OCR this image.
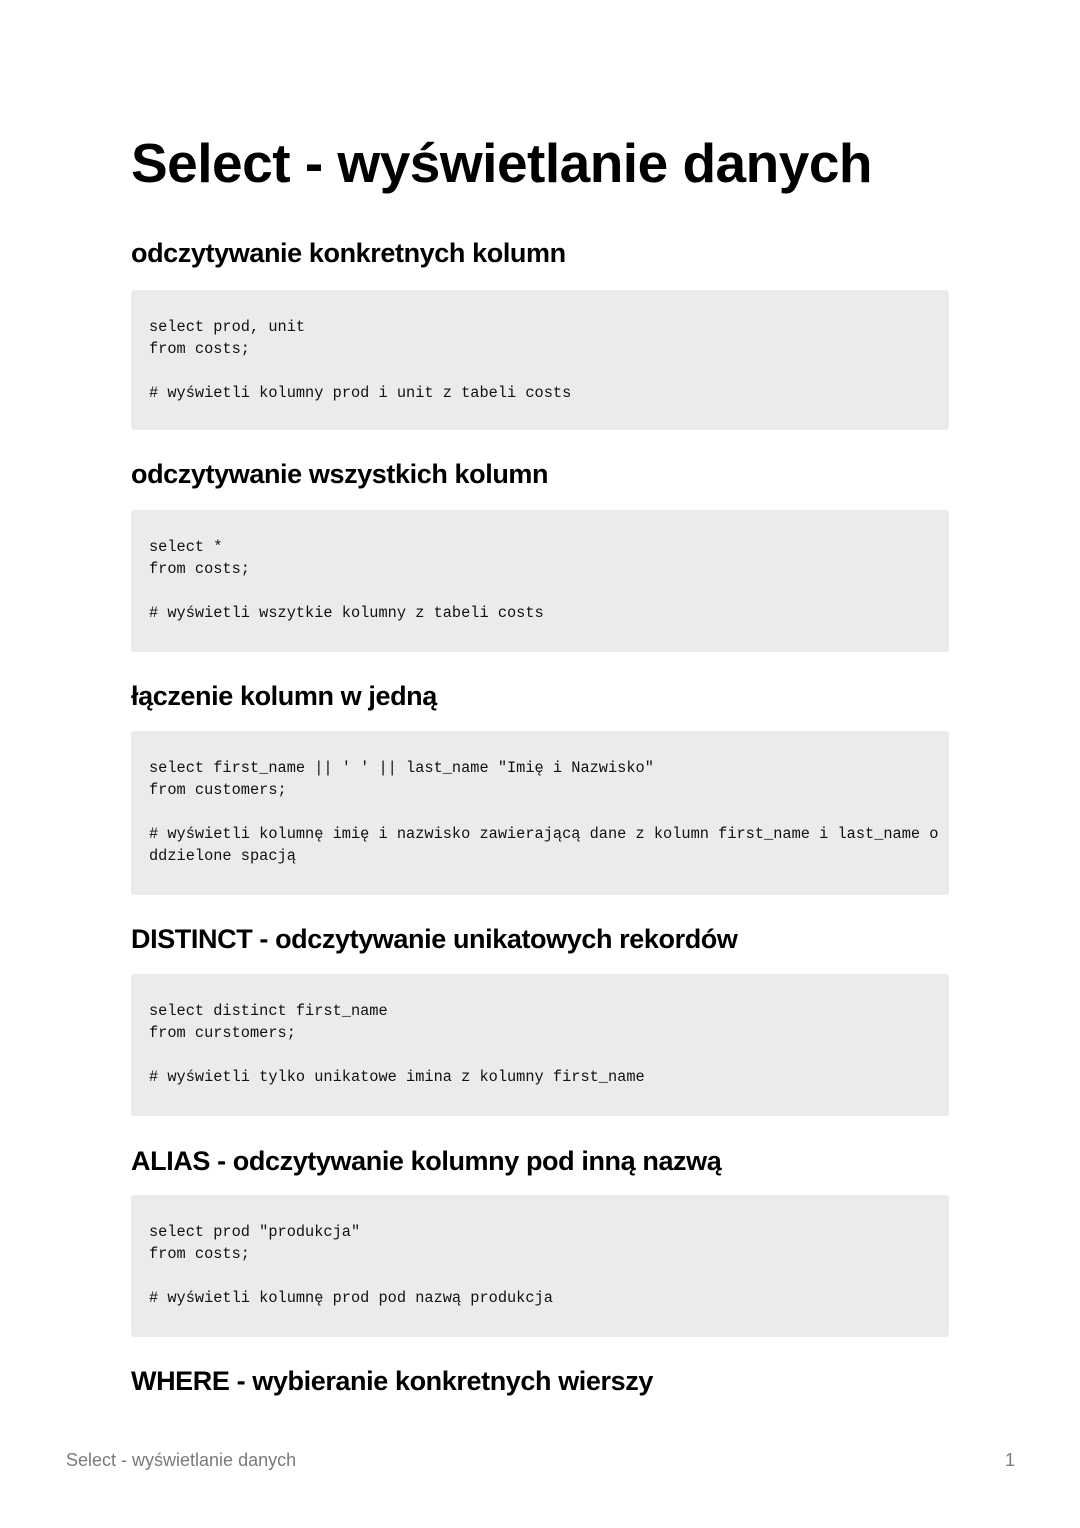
Select - wyświetlanie danych
odczytywanie konkretnych kolumn
select prod, unit
from costs;
# wyświetli kolumny prod i unit z tabeli costs
odczytywanie wszystkich kolumn
select *
from costs;
# wyświetli wszytkie kolumny z tabeli costs
łączenie kolumn w jedną
select first_name || ' ' || last_name "Imię i Nazwisko"
from customers;
# wyświetli kolumnę imię i nazwisko zawierającą dane z kolumn first_name i last_name o
ddzielone spacją
DISTINCT - odczytywanie unikatowych rekordów
select distinct first_name
from curstomers;
# wyświetli tylko unikatowe imina z kolumny first_name
ALIAS - odczytywanie kolumny pod inną nazwą
select prod "produkcja"
from costs;
# wyświetli kolumnę prod pod nazwą produkcja
WHERE - wybieranie konkretnych wierszy
Select - wyświetlanie danych	1
